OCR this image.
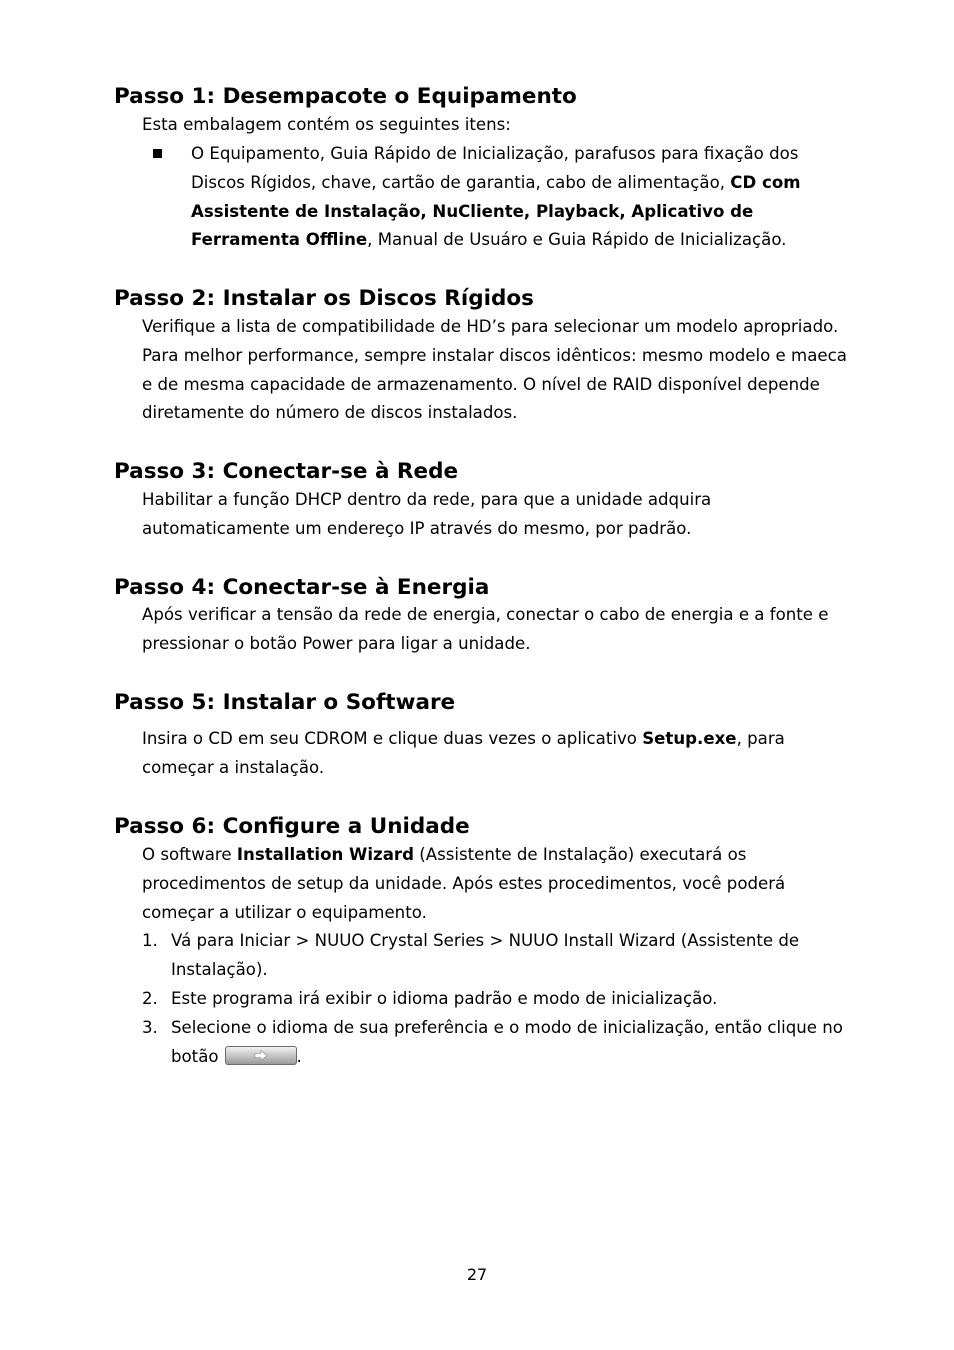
Passo 1: Desempacote o Equipamento

Esta embalagem contém os seguintes itens:

O Equipamento, Guia Rápido de Inicialização, parafusos para fixação dos Discos Rígidos, chave, cartão de garantia, cabo de alimentação, CD com Assistente de Instalação, NuCliente, Playback, Aplicativo de Ferramenta Offline, Manual de Usuáro e Guia Rápido de Inicialização.
Passo 2: Instalar os Discos Rígidos

Verifique a lista de compatibilidade de HD’s para selecionar um modelo apropriado. Para melhor performance, sempre instalar discos idênticos: mesmo modelo e maeca e de mesma capacidade de armazenamento. O nível de RAID disponível depende diretamente do número de discos instalados.

Passo 3: Conectar-se à Rede

Habilitar a função DHCP dentro da rede, para que a unidade adquira automaticamente um endereço IP através do mesmo, por padrão.

Passo 4: Conectar-se à Energia

Após verificar a tensão da rede de energia, conectar o cabo de energia e a fonte e pressionar o botão Power para ligar a unidade.

Passo 5: Instalar o Software

Insira o CD em seu CDROM e clique duas vezes o aplicativo Setup.exe, para começar a instalação.

Passo 6: Configure a Unidade

O software Installation Wizard (Assistente de Instalação) executará os procedimentos de setup da unidade. Após estes procedimentos, você poderá começar a utilizar o equipamento.

1. Vá para Iniciar > NUUO Crystal Series > NUUO Install Wizard (Assistente de Instalação).
2. Este programa irá exibir o idioma padrão e modo de inicialização.
3. Selecione o idioma de sua preferência e o modo de inicialização, então clique no botão	.
27
